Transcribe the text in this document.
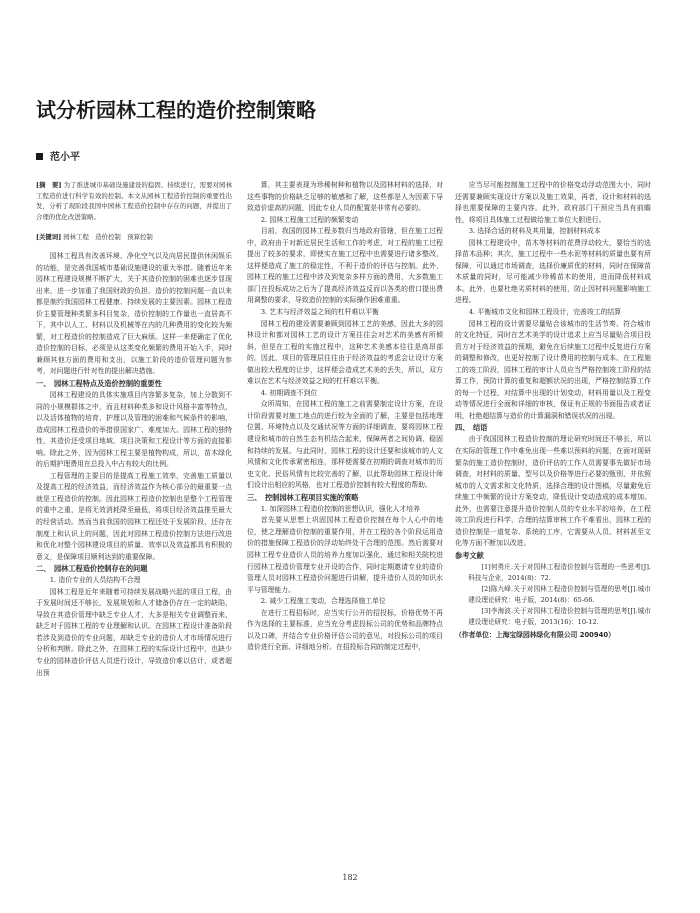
试分析园林工程的造价控制策略
范小平

[摘　要] 为了推进城市基础设施建设的稳固、持续进行，需要对园林工程造价进行科学有效的控制。本文从园林工程造价控制的重要性出发，分析了现阶段我国中园林工程造价控制中存在的问题，并提出了合理的优化改进策略。

[关键词] 园林工程　造价控制　预算控制

园林工程具有改善环境、净化空气以及向居民提供休闲娱乐的功能，是完善我国城市基础设施建设的重大举措。随着近年来园林工程建设规模不断扩大，关于其造价控制的困难也逐步显现出来，进一步加重了我国财政的负担。造价的控制问题一直以来都是制约我国园林工程健康、持续发展的主要因素。园林工程造价主要管理种类繁多科目复杂，造价控制的工作量也一直居高不下，其中以人工、材料以及机械等在内的几种费用的变化较为频繁，对工程造价的控制造成了巨大麻烦。这样一来便确定了优化造价控制的目标，必须是从这类变化频繁的费用开始入手，同时兼顾其他方面的费用和支出，以施工阶段的造价管理问题为参考，对问题进行针对性的提出解决措施。

一、　园林工程特点及造价控制的重要性

园林工程建设的具体实施项目内容繁多复杂，加上分散到不同的小规模群体之中，而且材料种类多和设计风格丰富等特点，以及活体植物的培育、护理以及管理的困难和气候条件的影响，造成园林工程造价的举措很国家广、难度加大。园林工程的独特性，其造价还受项目地域、项目决策和工程设计等方面的直接影响。除此之外，因为园林工程主要是植物构成，所以，苗木绿化的后期护理费用在总投入中占有较大的比例。

工程管理的主要目的是提高工程施工效率，完善施工质量以及提高工程的经济效益，而经济效益作为核心部分的最重要一点就是工程造价的控制。因此园林工程造价控制也是整个工程管理的重中之重，是将无效消耗降至最低，将项目经济效益推至最大的经营活动。然而当前我国的园林工程还处于发展阶段，还存在制度上和认识上的问题，因此对园林工程造价控制方法进行改进和优化对整个园林建设项目的质量、效率以及效益都具有积极的意义，是保障项目顺利达到的重要保障。

二、　园林工程造价控制存在的问题

1. 造价专业的人员结构不合理

园林工程是近年来随着可持续发展战略兴起的项目工程，由于发展时间还不够长，发展规划和人才储备仍存在一定的缺陷，导致在其造价管理中缺乏专业人才，大多是相关专业调整而来，缺乏对于园林工程的专业理解和认识。在园林工程设计准备阶段若涉及到造价的专业问题，却缺乏专业的造价人才市场情况进行分析和判断。除此之外，在园林工程的实际设计过程中，也缺少专业的园林造价评估人员进行设计，导致造价难以估计，或者超出预

算，其主要表现为珍稀树种和植物以及园林材料的选择，对这些事物的价格缺乏足够的敏感和了解，这些都是人为因素下导致造价虚高的问题，因此专业人员的配置是非常有必要的。

2. 园林工程施工过程的频繁变动

目前，我国的园林工程多数归当地政府管辖，但在施工过程中，政府由于对新近居民生活和工作的考虑，对工程的施工过程提出了较多的要求，即使实在施工过程中也需要进行诸多整改，这样便造成了施工的稳定性，不利于造价的评估与控制。此外，园林工程的施工过程中涉及到复杂多样方面的费用，大多数施工部门在投标成功之后为了提高经济效益反而以各类的借口提出费用调整的要求，导致造价控制的实际操作困难重重。

3. 艺术与经济效益之间的杠杆难以平衡

园林工程的建设需要兼顾到园林工艺的美感，因此大多的园林设计和都对园林工艺的设计方案往往会对艺术的美感有所倾斜，但是在工程的实施过程中，这种艺术美感本往往是高昂部的。因此，项目的管理层往往由于经济效益的考虑会让设计方案做出较大程度的让步，这样便会造成艺术美的丢失，所以，双方难以在艺术与经济效益之间的杠杆难以平衡。

4. 初期调查不到位

众所周知，在园林工程的施工之前需要制定设计方案，在设计阶段需要对施工地点的进行较为全面的了解，主要是包括地理位置、环境特点以及交通状况等方面的详细调查，要将园林工程建设和城市的自然生态有机结合起来，保障两者之间协调、稳固和持续的发展。与此同时，园林工程的设计还要和该城市的人文风情和文化传承紧密相连，那样便需要在初期的调查对城市的历史文化、民俗风情有比较完善的了解，以此帮助园林工程设计师们设计出相应的风格，也对工程造价控制有较大程度的帮助。

三、　控制园林工程项目实施的策略

1. 加深园林工程造价控制的思想认识，强化人才培养

首先要从思想上巩固园林工程造价控制在每个人心中的地位，使之理解造价控制的重要作用，并在工程的各个阶段运用造价的措施保障工程造价的浮动始终处于合理的范围。然后需要对园林工程专业造价人员的培养力度加以强化，通过和相关院校进行园林工程造价管理专业开设的合作，同时定期邀请专业的造价管理人员对园林工程造价问题进行讲解，提升造价人员的知识水平与管理能力。

2. 减少工程施工变动，合理选择施工单位

在进行工程招标时，应当实行公开的招投标，价格优势不再作为选择的主要标准，应当充分考虑投标公司的优势和品牌特点以及口碑，并结合专业价格评估公司的意见，对投标公司的项目造价进行全面、详细地分析。在招投标合同的制定过程中，

应当尽可能控制施工过程中的价格变动浮动范围大小，同时还需要兼顾实现设计方案以及施工效果，再者，设计和材料的选择也需要保障的主要内容。此外，政府部门干预应当具有前瞻性，将项目具体施工过程做给施工单位大胆进行。

3. 选择合适的材料及其用量，控制材料成本

园林工程建设中，苗木等材料的花费浮动较大，要恰当的选择苗木品种；其次，施工过程中一些水泥等材料的质量也要有所保障，可以通过市场调查，选择价廉质优的材料，同时在保障苗木质量的同时，尽可能减少珍稀苗木的使用，进而降低材料成本。此外，也要杜绝劣质材料的使用，防止因材料问题影响施工进程。

4. 平衡城市文化和园林工程设计，完善竣工的结算

园林工程的设计需要尽量贴合该城市的生活节奏、符合城市的文化特征，同时在艺术美学的设计追求上应当尽量贴合项目投资方对于经济效益的预期，避免在后续施工过程中反复进行方案的调整和修改，也更好控制了设计费用的控制与成本。在工程施工的竣工阶段，园林工程的审计人员应当严格控制竣工阶段的结算工作，预防计算的重复和超额状况的出现，严格控制结算工作的每一个过程，对结算中出现的计划变动，材料用量以及工程变动等情况进行全面和详细的审核，保证有正规的书面报告或者证明，杜绝超结算与造价的计算漏洞和错误状况的出现。

四、　结语

由于我国园林工程造价控制的理论研究时间还不够长，所以在实际的管理工作中难免出现一些难以预料的问题，在面对现研繁杂的施工造价控制时，造价评估的工作人员需要事先做好市场调查，对材料的质量、型号以及价格等进行必要的甄别，并依照城市的人文需求和文化特质，选择合理的设计图稿，尽量避免后续施工中频繁的设计方案变动，降低设计变动造成的成本增加。此外，也需要注意提升造价控制人员的专业水平的培养，在工程竣工阶段进行科学、合理的结算审核工作不难看出，园林工程的造价控制是一道复杂、系统的工序，它需要从人员、材料甚至文化等方面不断加以改进。

参考文献

[1]何勇庄.关于对园林工程造价控制与管理的一些思考[J].科技与企业，2014(8)：72.

[2]陈九峰.关于对园林工程造价控制与管理的思考[J].城市建设理论研究：电子版，2014(8)：65-66.

[3]李海波.关于对园林工程造价控制与管理的思考[J].城市建设理论研究：电子版，2013(16)：10-12.

（作者单位：上海宝绿园林绿化有限公司 200940）
182
